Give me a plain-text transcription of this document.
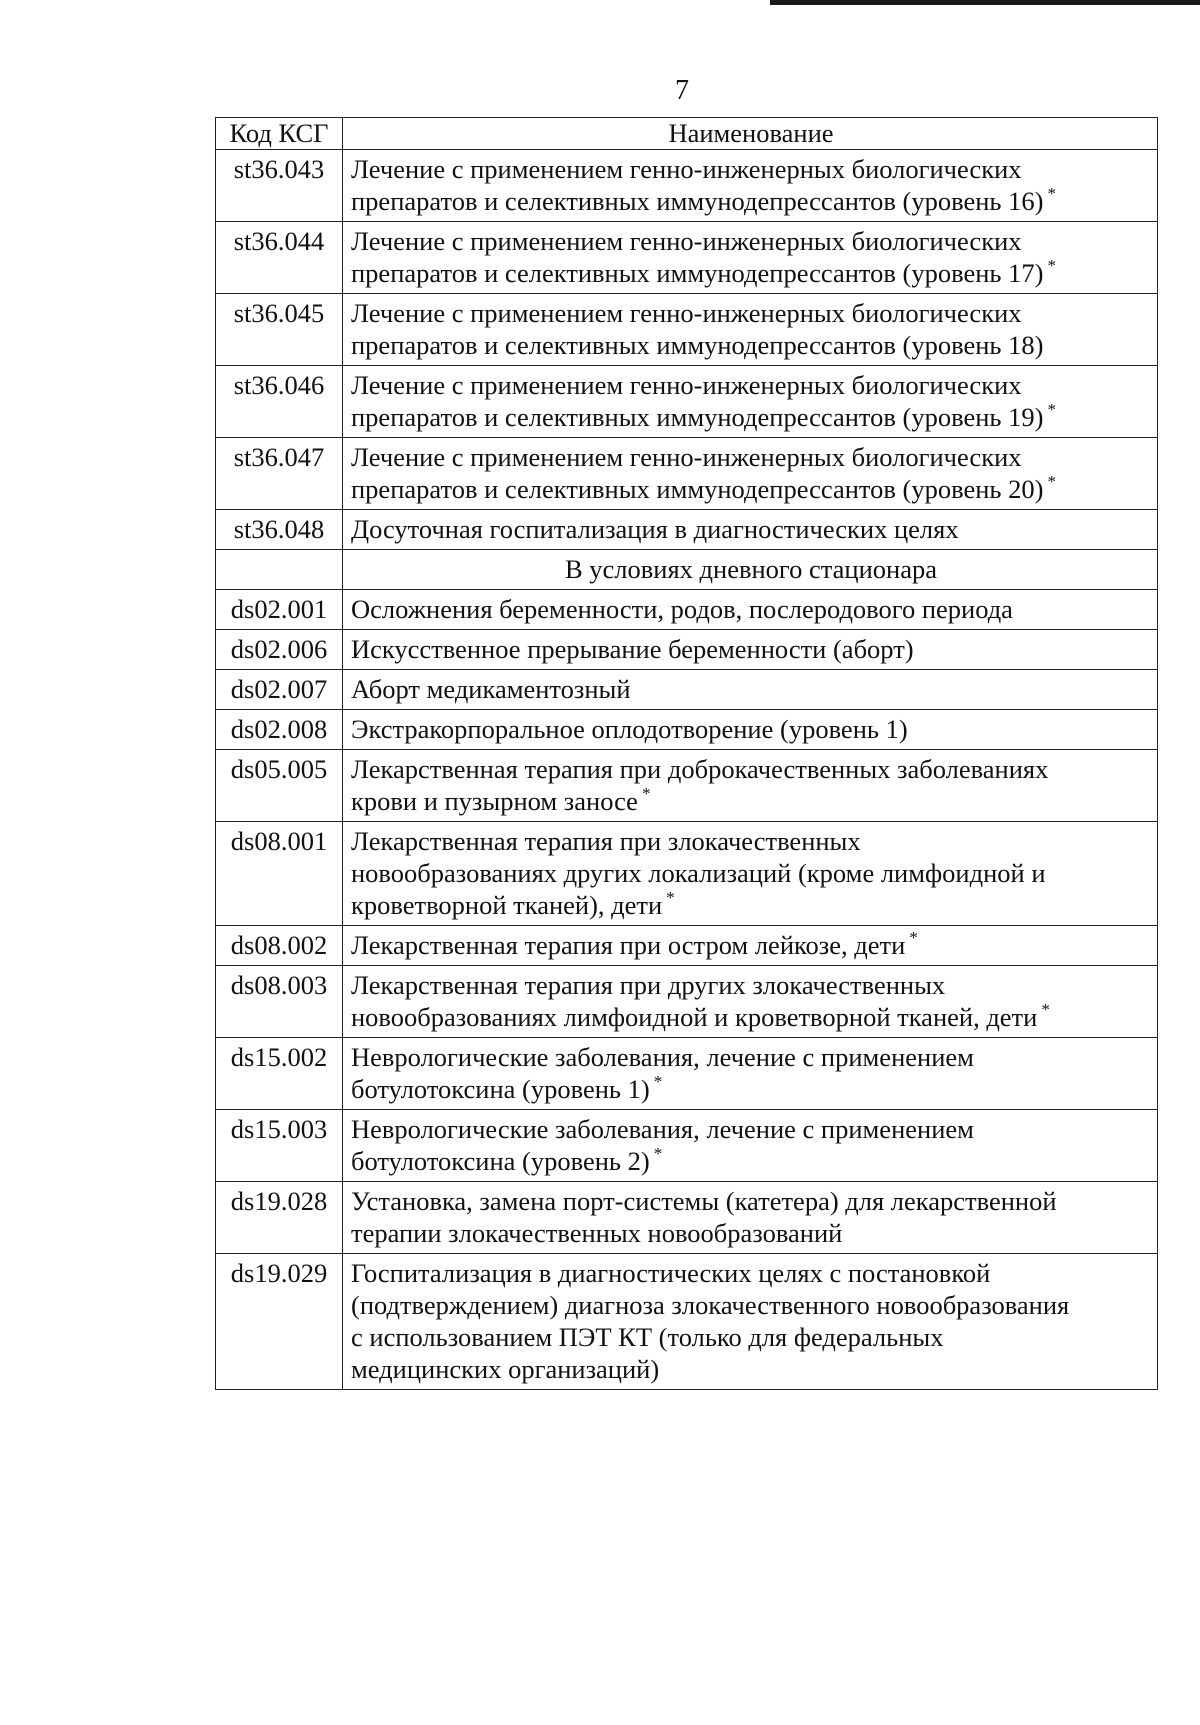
7
Код КСГ	Наименование
st36.043	Лечение с применением генно-инженерных биологических
препаратов и селективных иммунодепрессантов (уровень 16) *
st36.044	Лечение с применением генно-инженерных биологических
препаратов и селективных иммунодепрессантов (уровень 17) *
st36.045	Лечение с применением генно-инженерных биологических
препаратов и селективных иммунодепрессантов (уровень 18)
st36.046	Лечение с применением генно-инженерных биологических
препаратов и селективных иммунодепрессантов (уровень 19) *
st36.047	Лечение с применением генно-инженерных биологических
препаратов и селективных иммунодепрессантов (уровень 20) *
st36.048	Досуточная госпитализация в диагностических целях
	В условиях дневного стационара
ds02.001	Осложнения беременности, родов, послеродового периода
ds02.006	Искусственное прерывание беременности (аборт)
ds02.007	Аборт медикаментозный
ds02.008	Экстракорпоральное оплодотворение (уровень 1)
ds05.005	Лекарственная терапия при доброкачественных заболеваниях
крови и пузырном заносе *
ds08.001	Лекарственная терапия при злокачественных
новообразованиях других локализаций (кроме лимфоидной и
кроветворной тканей), дети *
ds08.002	Лекарственная терапия при остром лейкозе, дети *
ds08.003	Лекарственная терапия при других злокачественных
новообразованиях лимфоидной и кроветворной тканей, дети *
ds15.002	Неврологические заболевания, лечение с применением
ботулотоксина (уровень 1) *
ds15.003	Неврологические заболевания, лечение с применением
ботулотоксина (уровень 2) *
ds19.028	Установка, замена порт-системы (катетера) для лекарственной
терапии злокачественных новообразований
ds19.029	Госпитализация в диагностических целях с постановкой
(подтверждением) диагноза злокачественного новообразования
с использованием ПЭТ КТ (только для федеральных
медицинских организаций)
